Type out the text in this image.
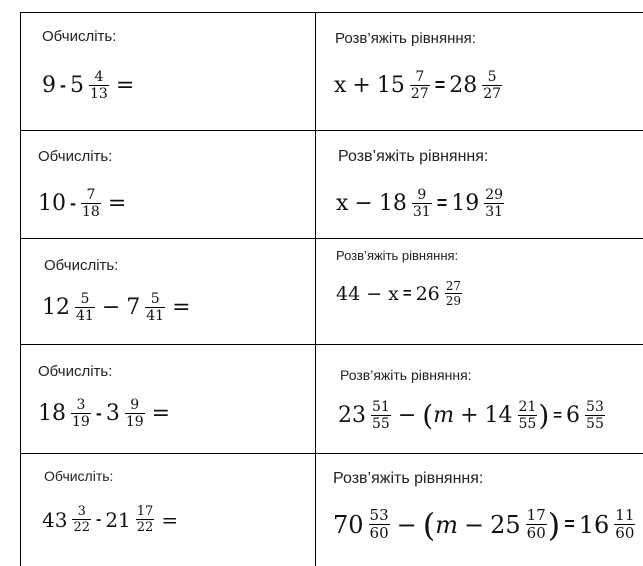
Обчисліть:
$9 - 5 \frac{4}{13}$ =
Розв’яжіть рівняння:
$x + 15 \frac{7}{27} = 28 \frac{5}{27}$
Обчисліть:
$10 - \frac{7}{18}$ =
Розв’яжіть рівняння:
$x - 18 \frac{9}{31} = 19 \frac{29}{31}$
Обчисліть:
$12 \frac{5}{41} - 7 \frac{5}{41}$ =
Розв’яжіть рівняння:
$44 - x = 26 \frac{27}{29}$
Обчисліть:
$18 \frac{3}{19} - 3 \frac{9}{19}$ =
Розв’яжіть рівняння:
$23 \frac{51}{55}$ − ( $m + 14 \frac{21}{55}$ ) = $6 \frac{53}{55}$
Обчисліть:
$43 \frac{3}{22} - 21 \frac{17}{22}$ =
Розв’яжіть рівняння:
$70 \frac{53}{60}$ − ( $m - 25 \frac{17}{60}$ ) = $16 \frac{11}{60}$
